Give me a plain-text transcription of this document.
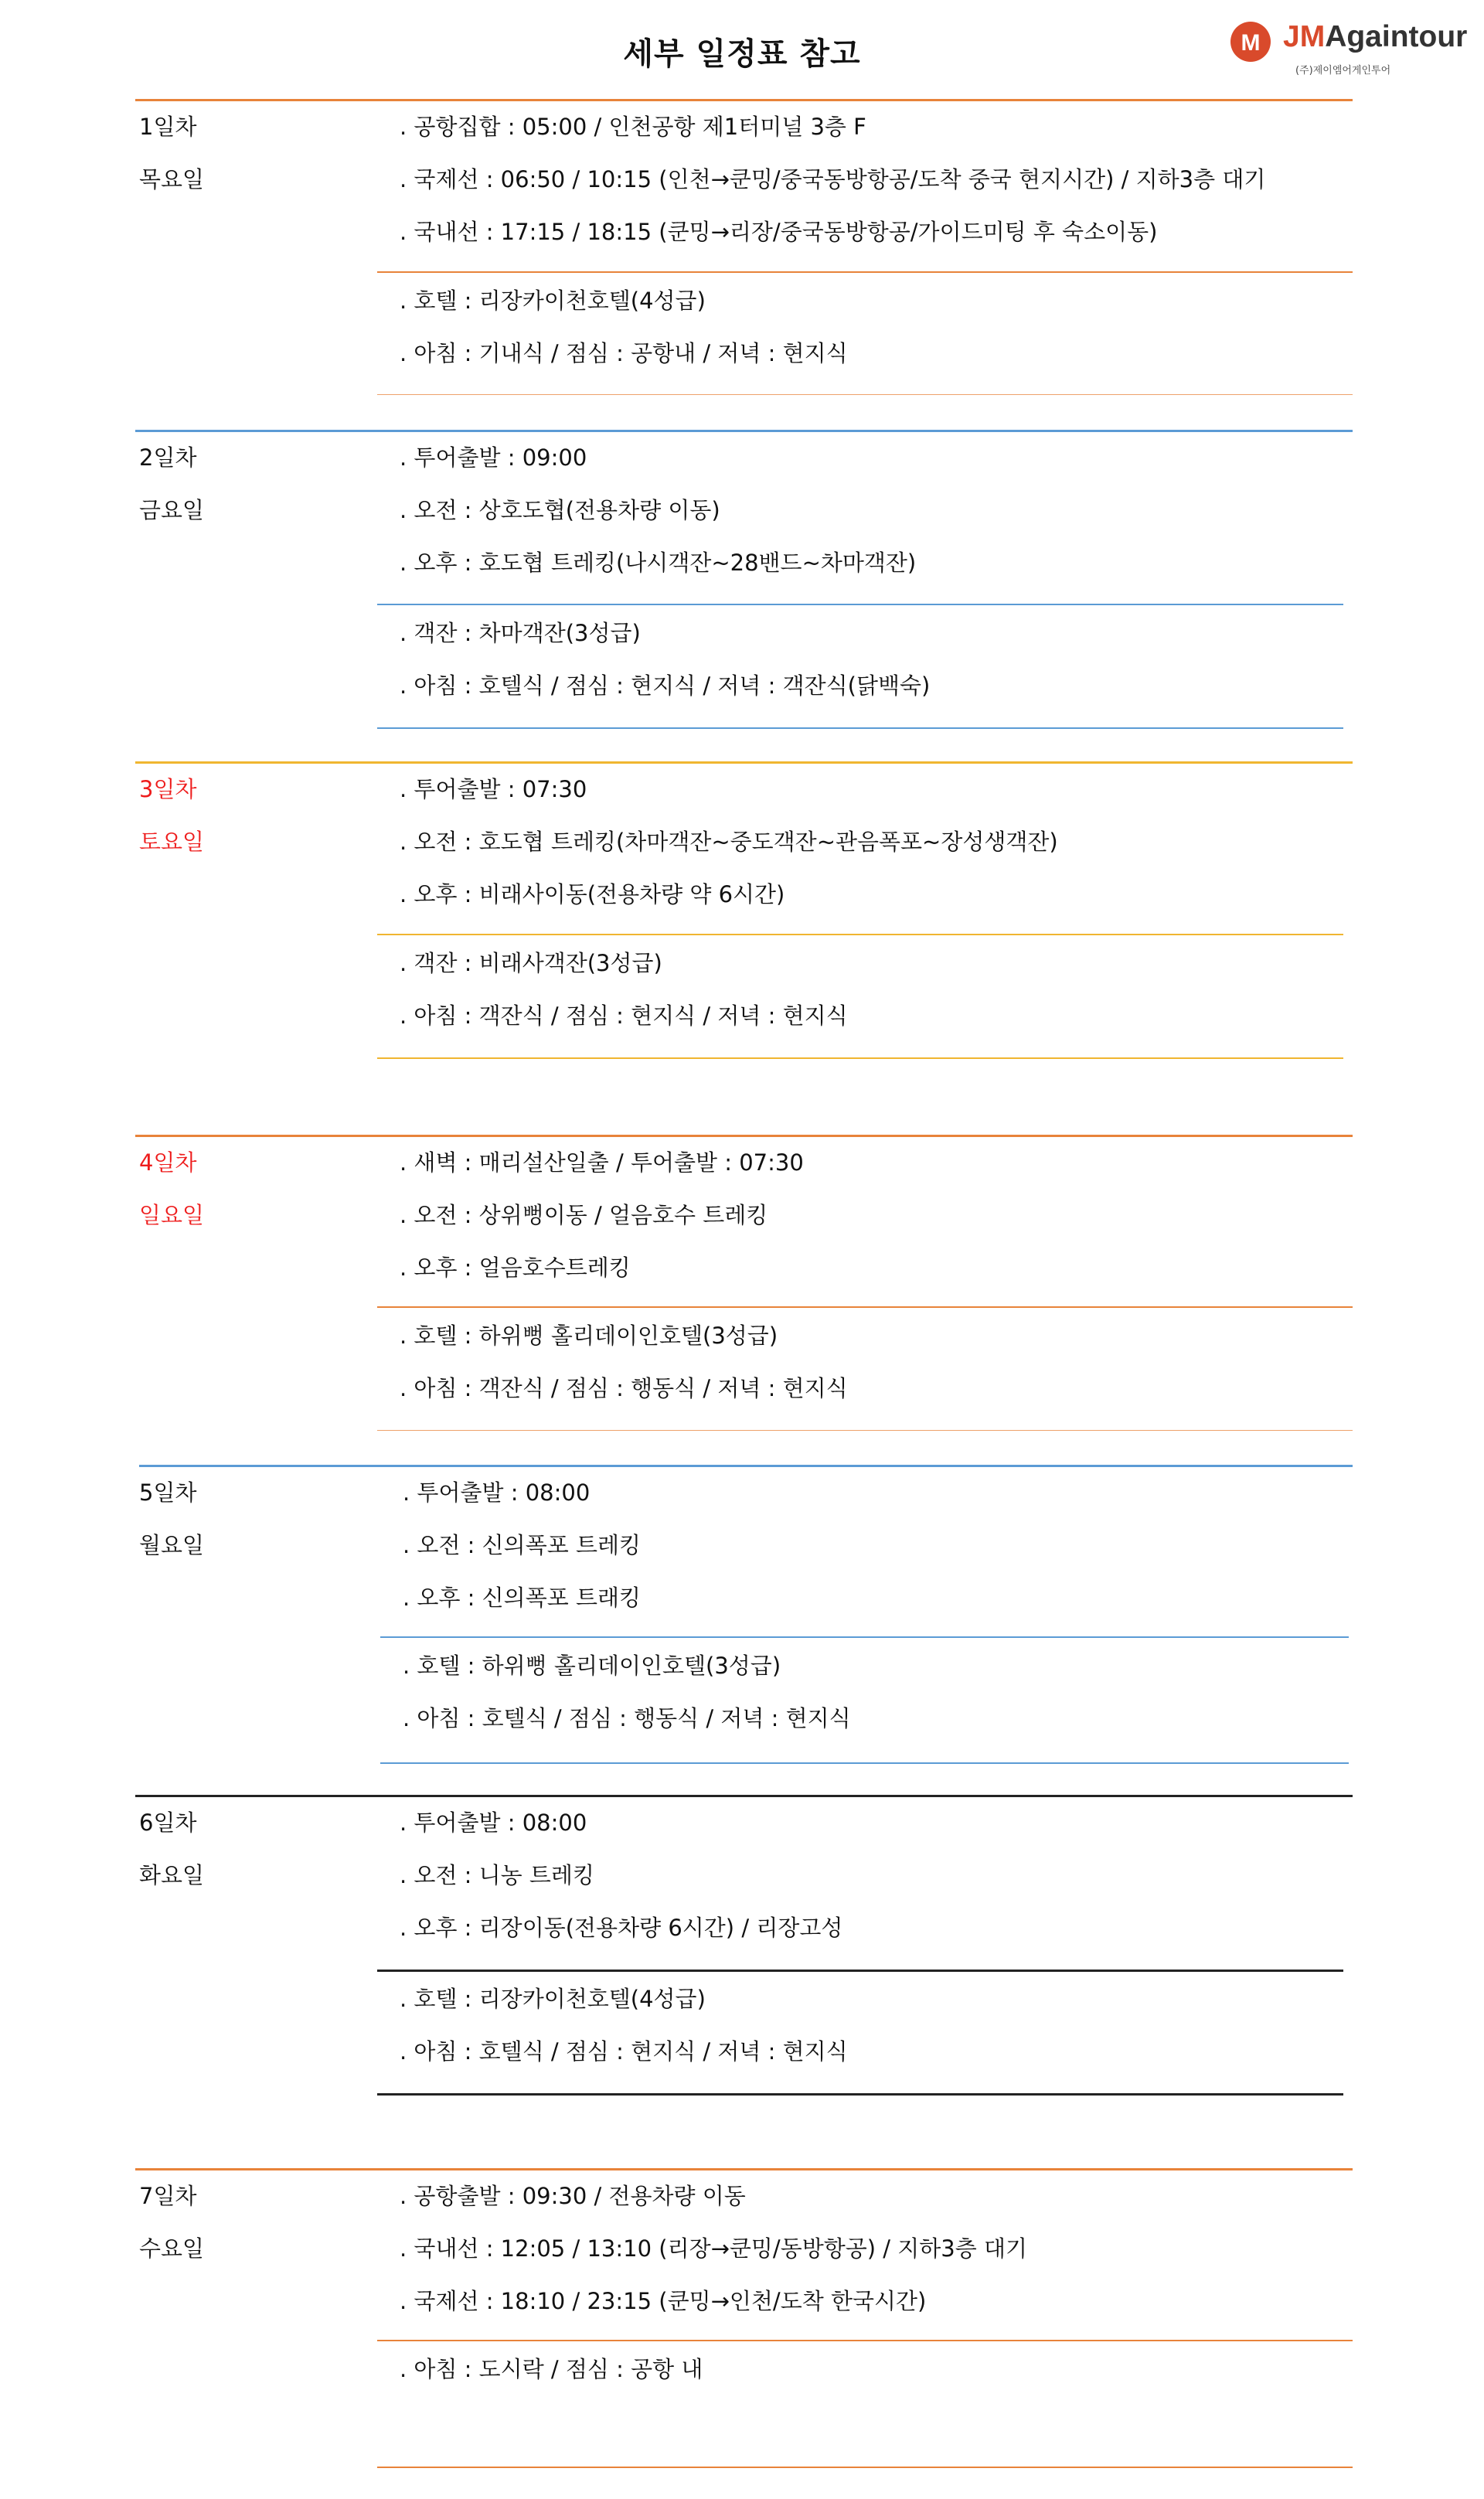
세부 일정표 참고	M JMAgaintour
(주)제이엠어게인투어
1일차
목요일
. 공항집합 : 05:00 / 인천공항 제1터미널 3층 F
. 국제선 : 06:50 / 10:15 (인천→쿤밍/중국동방항공/도착 중국 현지시간) / 지하3층 대기
. 국내선 : 17:15 / 18:15 (쿤밍→리장/중국동방항공/가이드미팅 후 숙소이동)
. 호텔 : 리장카이천호텔(4성급)
. 아침 : 기내식 / 점심 : 공항내 / 저녁 : 현지식
2일차
금요일
. 투어출발 : 09:00
. 오전 : 상호도협(전용차량 이동)
. 오후 : 호도협 트레킹(나시객잔~28밴드~차마객잔)
. 객잔 : 차마객잔(3성급)
. 아침 : 호텔식 / 점심 : 현지식 / 저녁 : 객잔식(닭백숙)
3일차
토요일
. 투어출발 : 07:30
. 오전 : 호도협 트레킹(차마객잔~중도객잔~관음폭포~장성생객잔)
. 오후 : 비래사이동(전용차량 약 6시간)
. 객잔 : 비래사객잔(3성급)
. 아침 : 객잔식 / 점심 : 현지식 / 저녁 : 현지식
4일차
일요일
. 새벽 : 매리설산일출 / 투어출발 : 07:30
. 오전 : 상위뻥이동 / 얼음호수 트레킹
. 오후 : 얼음호수트레킹
. 호텔 : 하위뻥 홀리데이인호텔(3성급)
. 아침 : 객잔식 / 점심 : 행동식 / 저녁 : 현지식
5일차
월요일
. 투어출발 : 08:00
. 오전 : 신의폭포 트레킹
. 오후 : 신의폭포 트래킹
. 호텔 : 하위뻥 홀리데이인호텔(3성급)
. 아침 : 호텔식 / 점심 : 행동식 / 저녁 : 현지식
6일차
화요일
. 투어출발 : 08:00
. 오전 : 니농 트레킹
. 오후 : 리장이동(전용차량 6시간) / 리장고성
. 호텔 : 리장카이천호텔(4성급)
. 아침 : 호텔식 / 점심 : 현지식 / 저녁 : 현지식
7일차
수요일
. 공항출발 : 09:30 / 전용차량 이동
. 국내선 : 12:05 / 13:10 (리장→쿤밍/동방항공) / 지하3층 대기
. 국제선 : 18:10 / 23:15 (쿤밍→인천/도착 한국시간)
. 아침 : 도시락 / 점심 : 공항 내
